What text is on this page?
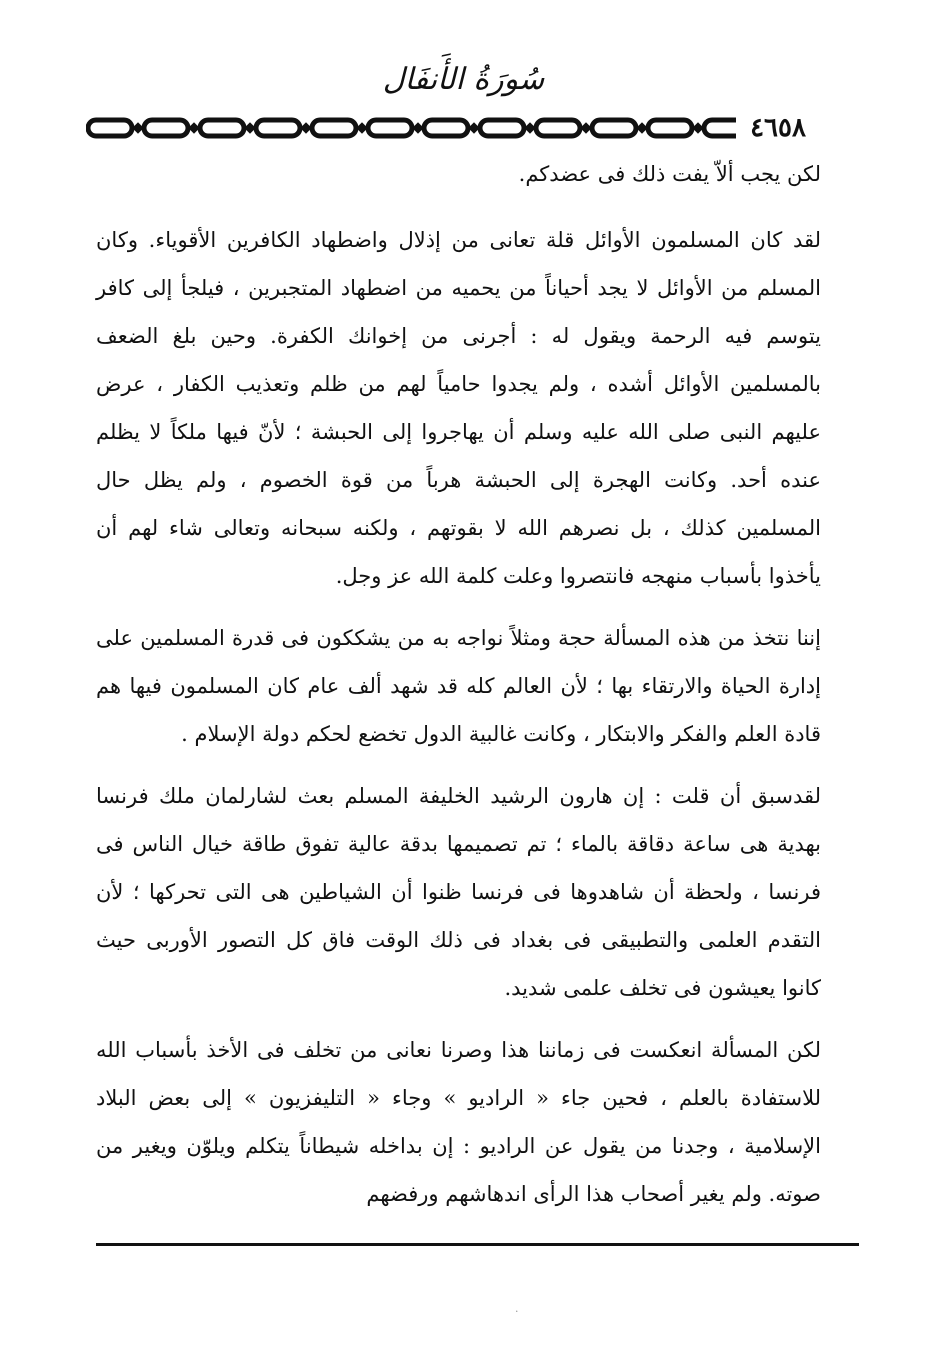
سُورَةُ الأَنفَال
٤٦٥٨

لكن يجب ألاّ يفت ذلك فى عضدكم.

لقد كان المسلمون الأوائل قلة تعانى من إذلال واضطهاد الكافرين الأقوياء. وكان المسلم من الأوائل لا يجد أحياناً من يحميه من اضطهاد المتجبرين ، فيلجأ إلى كافر يتوسم فيه الرحمة ويقول له : أجرنى من إخوانك الكفرة. وحين بلغ الضعف بالمسلمين الأوائل أشده ، ولم يجدوا حامياً لهم من ظلم وتعذيب الكفار ، عرض عليهم النبى صلى الله عليه وسلم أن يهاجروا إلى الحبشة ؛ لأنّ فيها ملكاً لا يظلم عنده أحد. وكانت الهجرة إلى الحبشة هرباً من قوة الخصوم ، ولم يظل حال المسلمين كذلك ، بل نصرهم الله لا بقوتهم ، ولكنه سبحانه وتعالى شاء لهم أن يأخذوا بأسباب منهجه فانتصروا وعلت كلمة الله عز وجل.

إننا نتخذ من هذه المسألة حجة ومثلاً نواجه به من يشككون فى قدرة المسلمين على إدارة الحياة والارتقاء بها ؛ لأن العالم كله قد شهد ألف عام كان المسلمون فيها هم قادة العلم والفكر والابتكار ، وكانت غالبية الدول تخضع لحكم دولة الإسلام .

لقدسبق أن قلت : إن هارون الرشيد الخليفة المسلم بعث لشارلمان ملك فرنسا بهدية هى ساعة دقاقة بالماء ؛ تم تصميمها بدقة عالية تفوق طاقة خيال الناس فى فرنسا ، ولحظة أن شاهدوها فى فرنسا ظنوا أن الشياطين هى التى تحركها ؛ لأن التقدم العلمى والتطبيقى فى بغداد فى ذلك الوقت فاق كل التصور الأوربى حيث كانوا يعيشون فى تخلف علمى شديد.

لكن المسألة انعكست فى زماننا هذا وصرنا نعانى من تخلف فى الأخذ بأسباب الله للاستفادة بالعلم ، فحين جاء « الراديو » وجاء « التليفزيون » إلى بعض البلاد الإسلامية ، وجدنا من يقول عن الراديو : إن بداخله شيطاناً يتكلم ويلوّن ويغير من صوته. ولم يغير أصحاب هذا الرأى اندهاشهم ورفضهم

·
